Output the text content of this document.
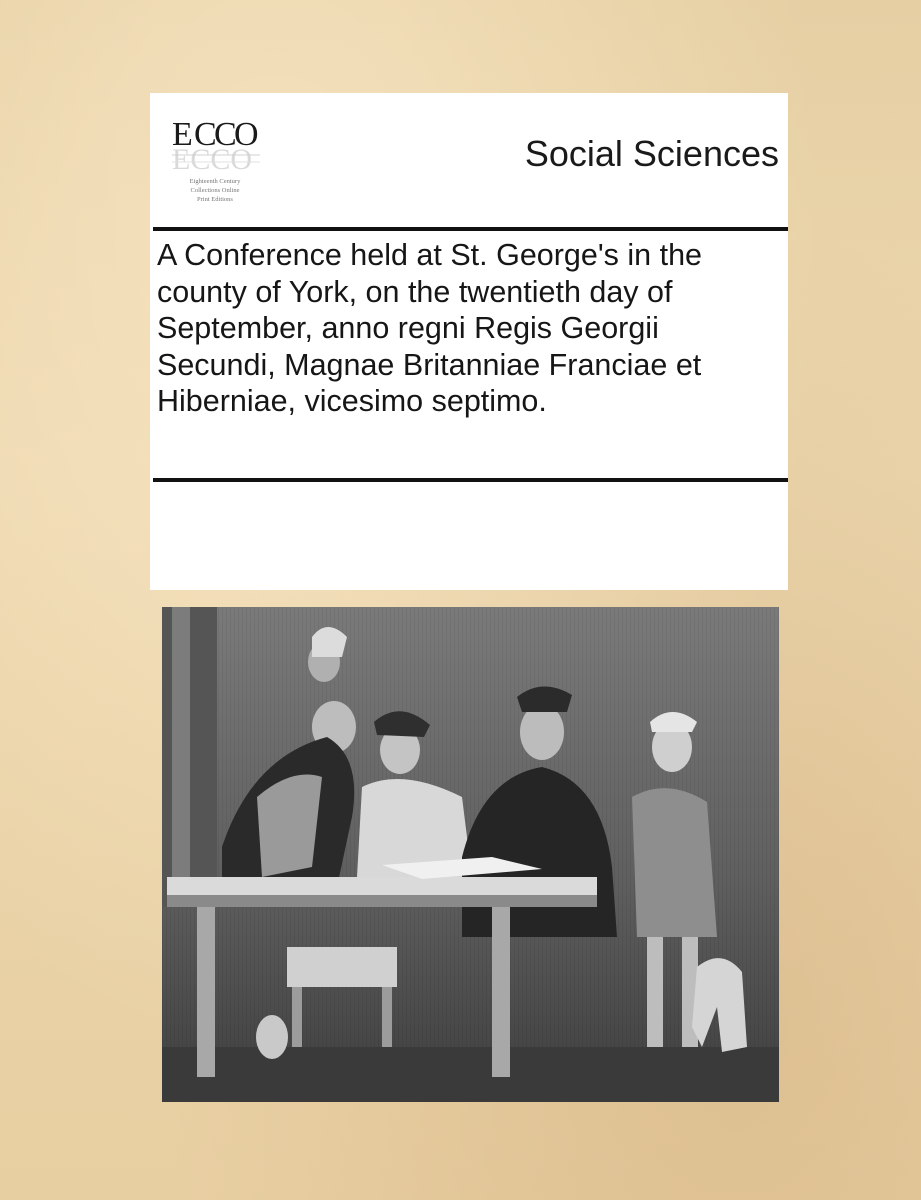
E C
C
O
ECCO
Eighteenth Century
Collections Online
Print Editions
Social Sciences
A Conference held at St. George's in the county of York, on the twentieth day of September, anno regni Regis Georgii Secundi, Magnae Britanniae Franciae et Hiberniae, vicesimo septimo.
